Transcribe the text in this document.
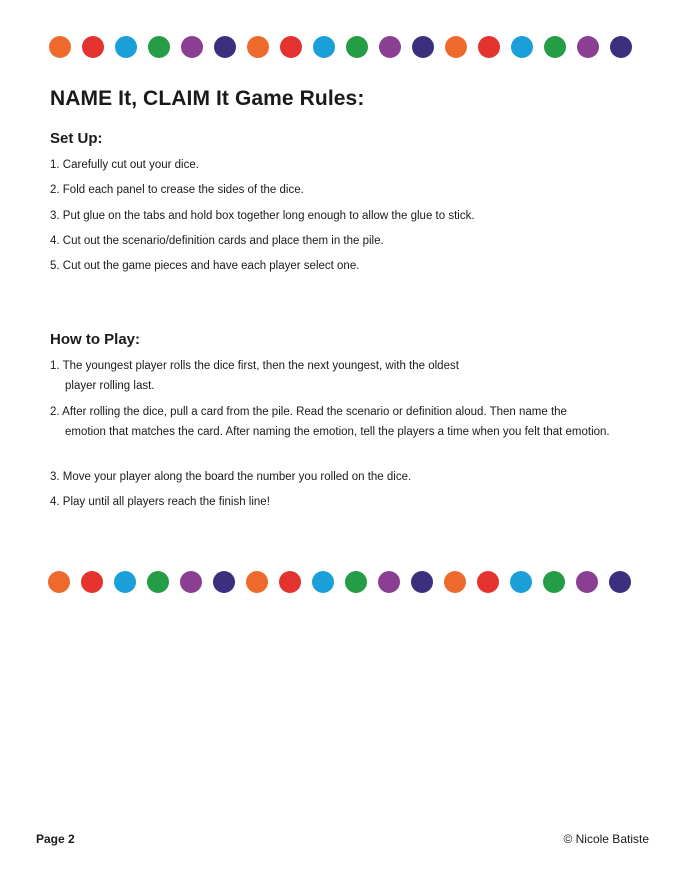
NAME It, CLAIM It Game Rules:
Set Up:

1. Carefully cut out your dice.

2. Fold each panel to crease the sides of the dice.

3. Put glue on the tabs and hold box together long enough to allow the glue to stick.

4. Cut out the scenario/definition cards and place them in the pile.

5. Cut out the game pieces and have each player select one.

How to Play:

1. The youngest player rolls the dice first, then the next youngest, with the oldest
player rolling last.

2. After rolling the dice, pull a card from the pile. Read the scenario or definition aloud. Then name the
emotion that matches the card. After naming the emotion, tell the players a time when you felt that emotion.

3. Move your player along the board the number you rolled on the dice.

4. Play until all players reach the finish line!

Page 2	© Nicole Batiste
